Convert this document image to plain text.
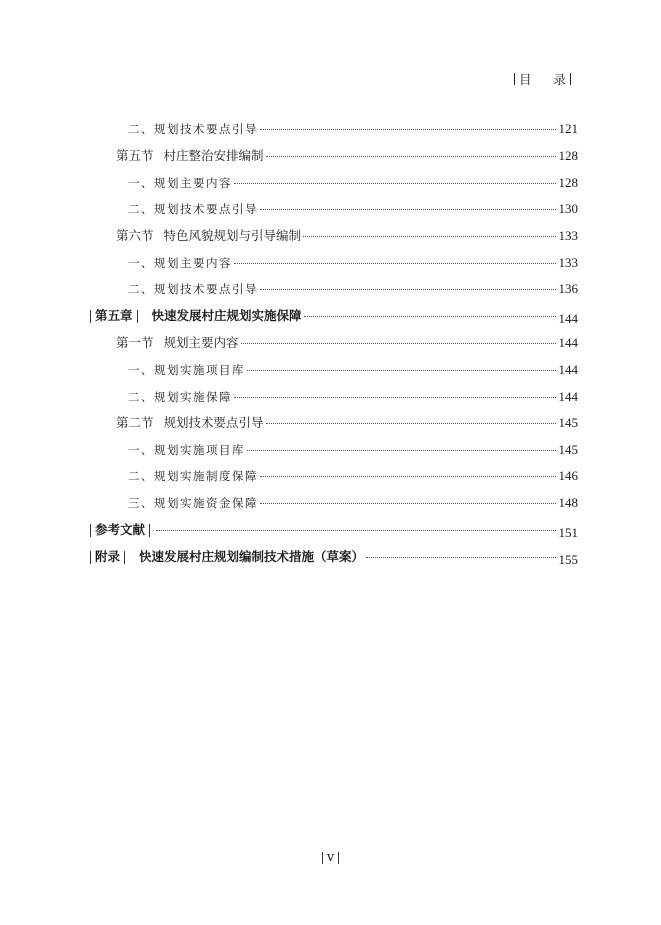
目 录
二、规划技术要点引导	121
第五节 村庄整治安排编制	128
一、规划主要内容	128
二、规划技术要点引导	130
第六节 特色风貌规划与引导编制	133
一、规划主要内容	133
二、规划技术要点引导	136
第五章 快速发展村庄规划实施保障	144
第一节 规划主要内容	144
一、规划实施项目库	144
二、规划实施保障	144
第二节 规划技术要点引导	145
一、规划实施项目库	145
二、规划实施制度保障	146
三、规划实施资金保障	148
参考文献	151
附录 快速发展村庄规划编制技术措施（草案）	155
v
